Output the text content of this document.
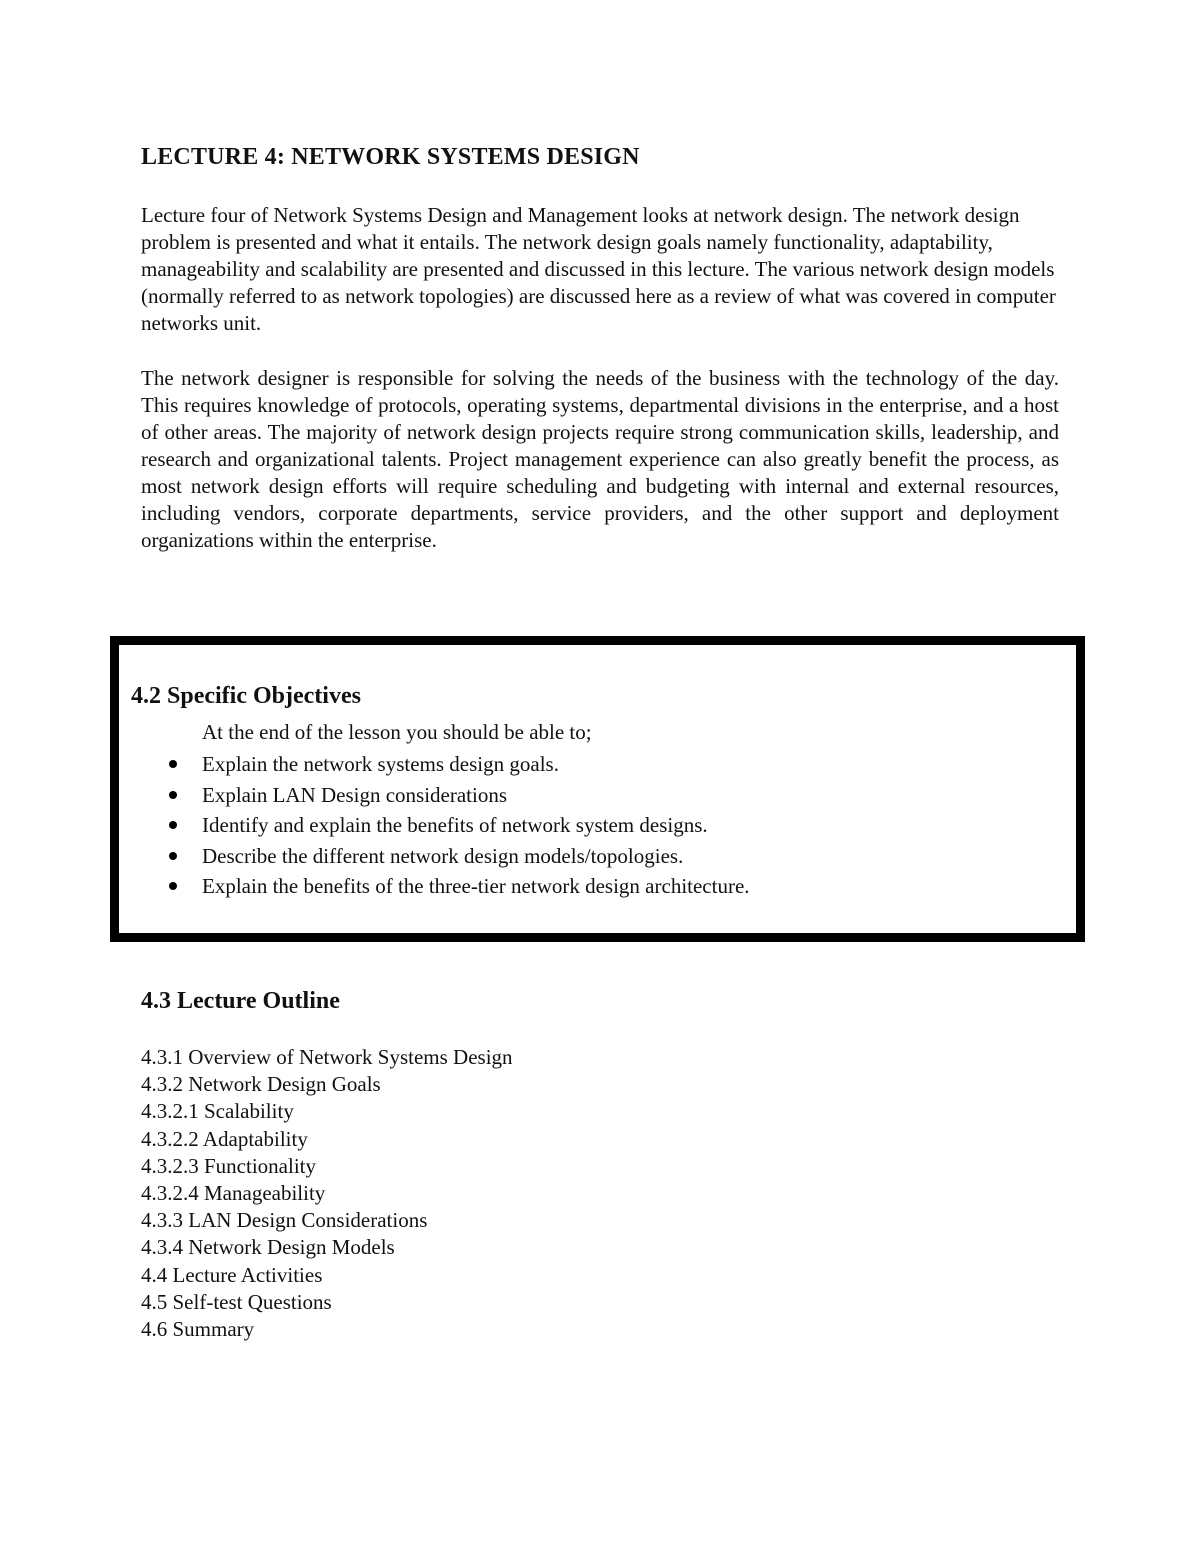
LECTURE 4: NETWORK SYSTEMS DESIGN

Lecture four of Network Systems Design and Management looks at network design. The network design problem is presented and what it entails. The network design goals namely functionality, adaptability, manageability and scalability are presented and discussed in this lecture. The various network design models (normally referred to as network topologies) are discussed here as a review of what was covered in computer networks unit.

The network designer is responsible for solving the needs of the business with the technology of the day. This requires knowledge of protocols, operating systems, departmental divisions in the enterprise, and a host of other areas. The majority of network design projects require strong communication skills, leadership, and research and organizational talents. Project management experience can also greatly benefit the process, as most network design efforts will require scheduling and budgeting with internal and external resources, including vendors, corporate departments, service providers, and the other support and deployment organizations within the enterprise.

4.2 Specific Objectives
At the end of the lesson you should be able to;
Explain the network systems design goals.
Explain LAN Design considerations
Identify and explain the benefits of network system designs.
Describe the different network design models/topologies.
Explain the benefits of the three-tier network design architecture.
4.3 Lecture Outline
4.3.1 Overview of Network Systems Design
4.3.2 Network Design Goals
4.3.2.1 Scalability
4.3.2.2 Adaptability
4.3.2.3 Functionality
4.3.2.4 Manageability
4.3.3 LAN Design Considerations
4.3.4 Network Design Models
4.4 Lecture Activities
4.5 Self-test Questions
4.6 Summary
